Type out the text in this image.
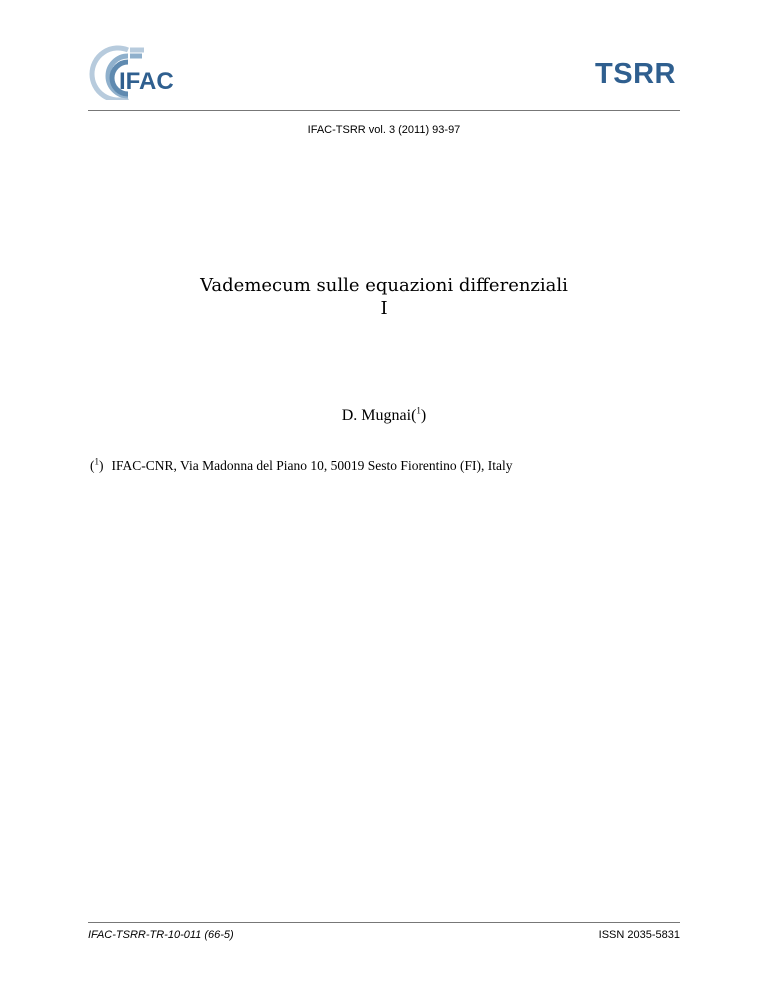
IFAC	TSRR
IFAC-TSRR vol. 3 (2011) 93-97
Vademecum sulle equazioni differenziali
I
D. Mugnai($^1$)
($^1$) IFAC-CNR, Via Madonna del Piano 10, 50019 Sesto Fiorentino (FI), Italy
IFAC-TSRR-TR-10-011 (66-5)	ISSN 2035-5831
